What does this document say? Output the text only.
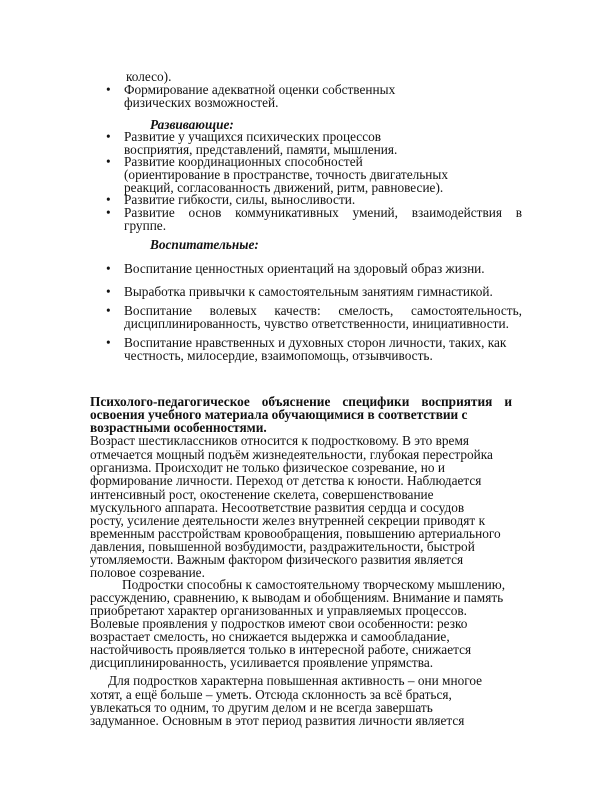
колесо).
• Формирование адекватной оценки собственных
физических возможностей.
Развивающие:
• Развитие у учащихся психических процессов
восприятия, представлений, памяти, мышления.
• Развитие координационных способностей
(ориентирование в пространстве, точность двигательных
реакций, согласованность движений, ритм, равновесие).
• Развитие гибкости, силы, выносливости.
• Развитие основ коммуникативных умений, взаимодействия в
группе.
Воспитательные:
• Воспитание ценностных ориентаций на здоровый образ жизни.
• Выработка привычки к самостоятельным занятиям гимнастикой.
• Воспитание волевых качеств: смелость, самостоятельность,
дисциплинированность, чувство ответственности, инициативности.
• Воспитание нравственных и духовных сторон личности, таких, как
честность, милосердие, взаимопомощь, отзывчивость.
Психолого-педагогическое объяснение специфики восприятия и
освоения учебного материала обучающимися в соответствии с
возрастными особенностями.
Возраст шестиклассников относится к подростковому. В это время
отмечается мощный подъём жизнедеятельности, глубокая перестройка
организма. Происходит не только физическое созревание, но и
формирование личности. Переход от детства к юности. Наблюдается
интенсивный рост, окостенение скелета, совершенствование
мускульного аппарата. Несоответствие развития сердца и сосудов
росту, усиление деятельности желез внутренней секреции приводят к
временным расстройствам кровообращения, повышению артериального
давления, повышенной возбудимости, раздражительности, быстрой
утомляемости. Важным фактором физического развития является
половое созревание.
Подростки способны к самостоятельному творческому мышлению,
рассуждению, сравнению, к выводам и обобщениям. Внимание и память
приобретают характер организованных и управляемых процессов.
Волевые проявления у подростков имеют свои особенности: резко
возрастает смелость, но снижается выдержка и самообладание,
настойчивость проявляется только в интересной работе, снижается
дисциплинированность, усиливается проявление упрямства.
Для подростков характерна повышенная активность – они многое
хотят, а ещё больше – уметь. Отсюда склонность за всё браться,
увлекаться то одним, то другим делом и не всегда завершать
задуманное. Основным в этот период развития личности является
